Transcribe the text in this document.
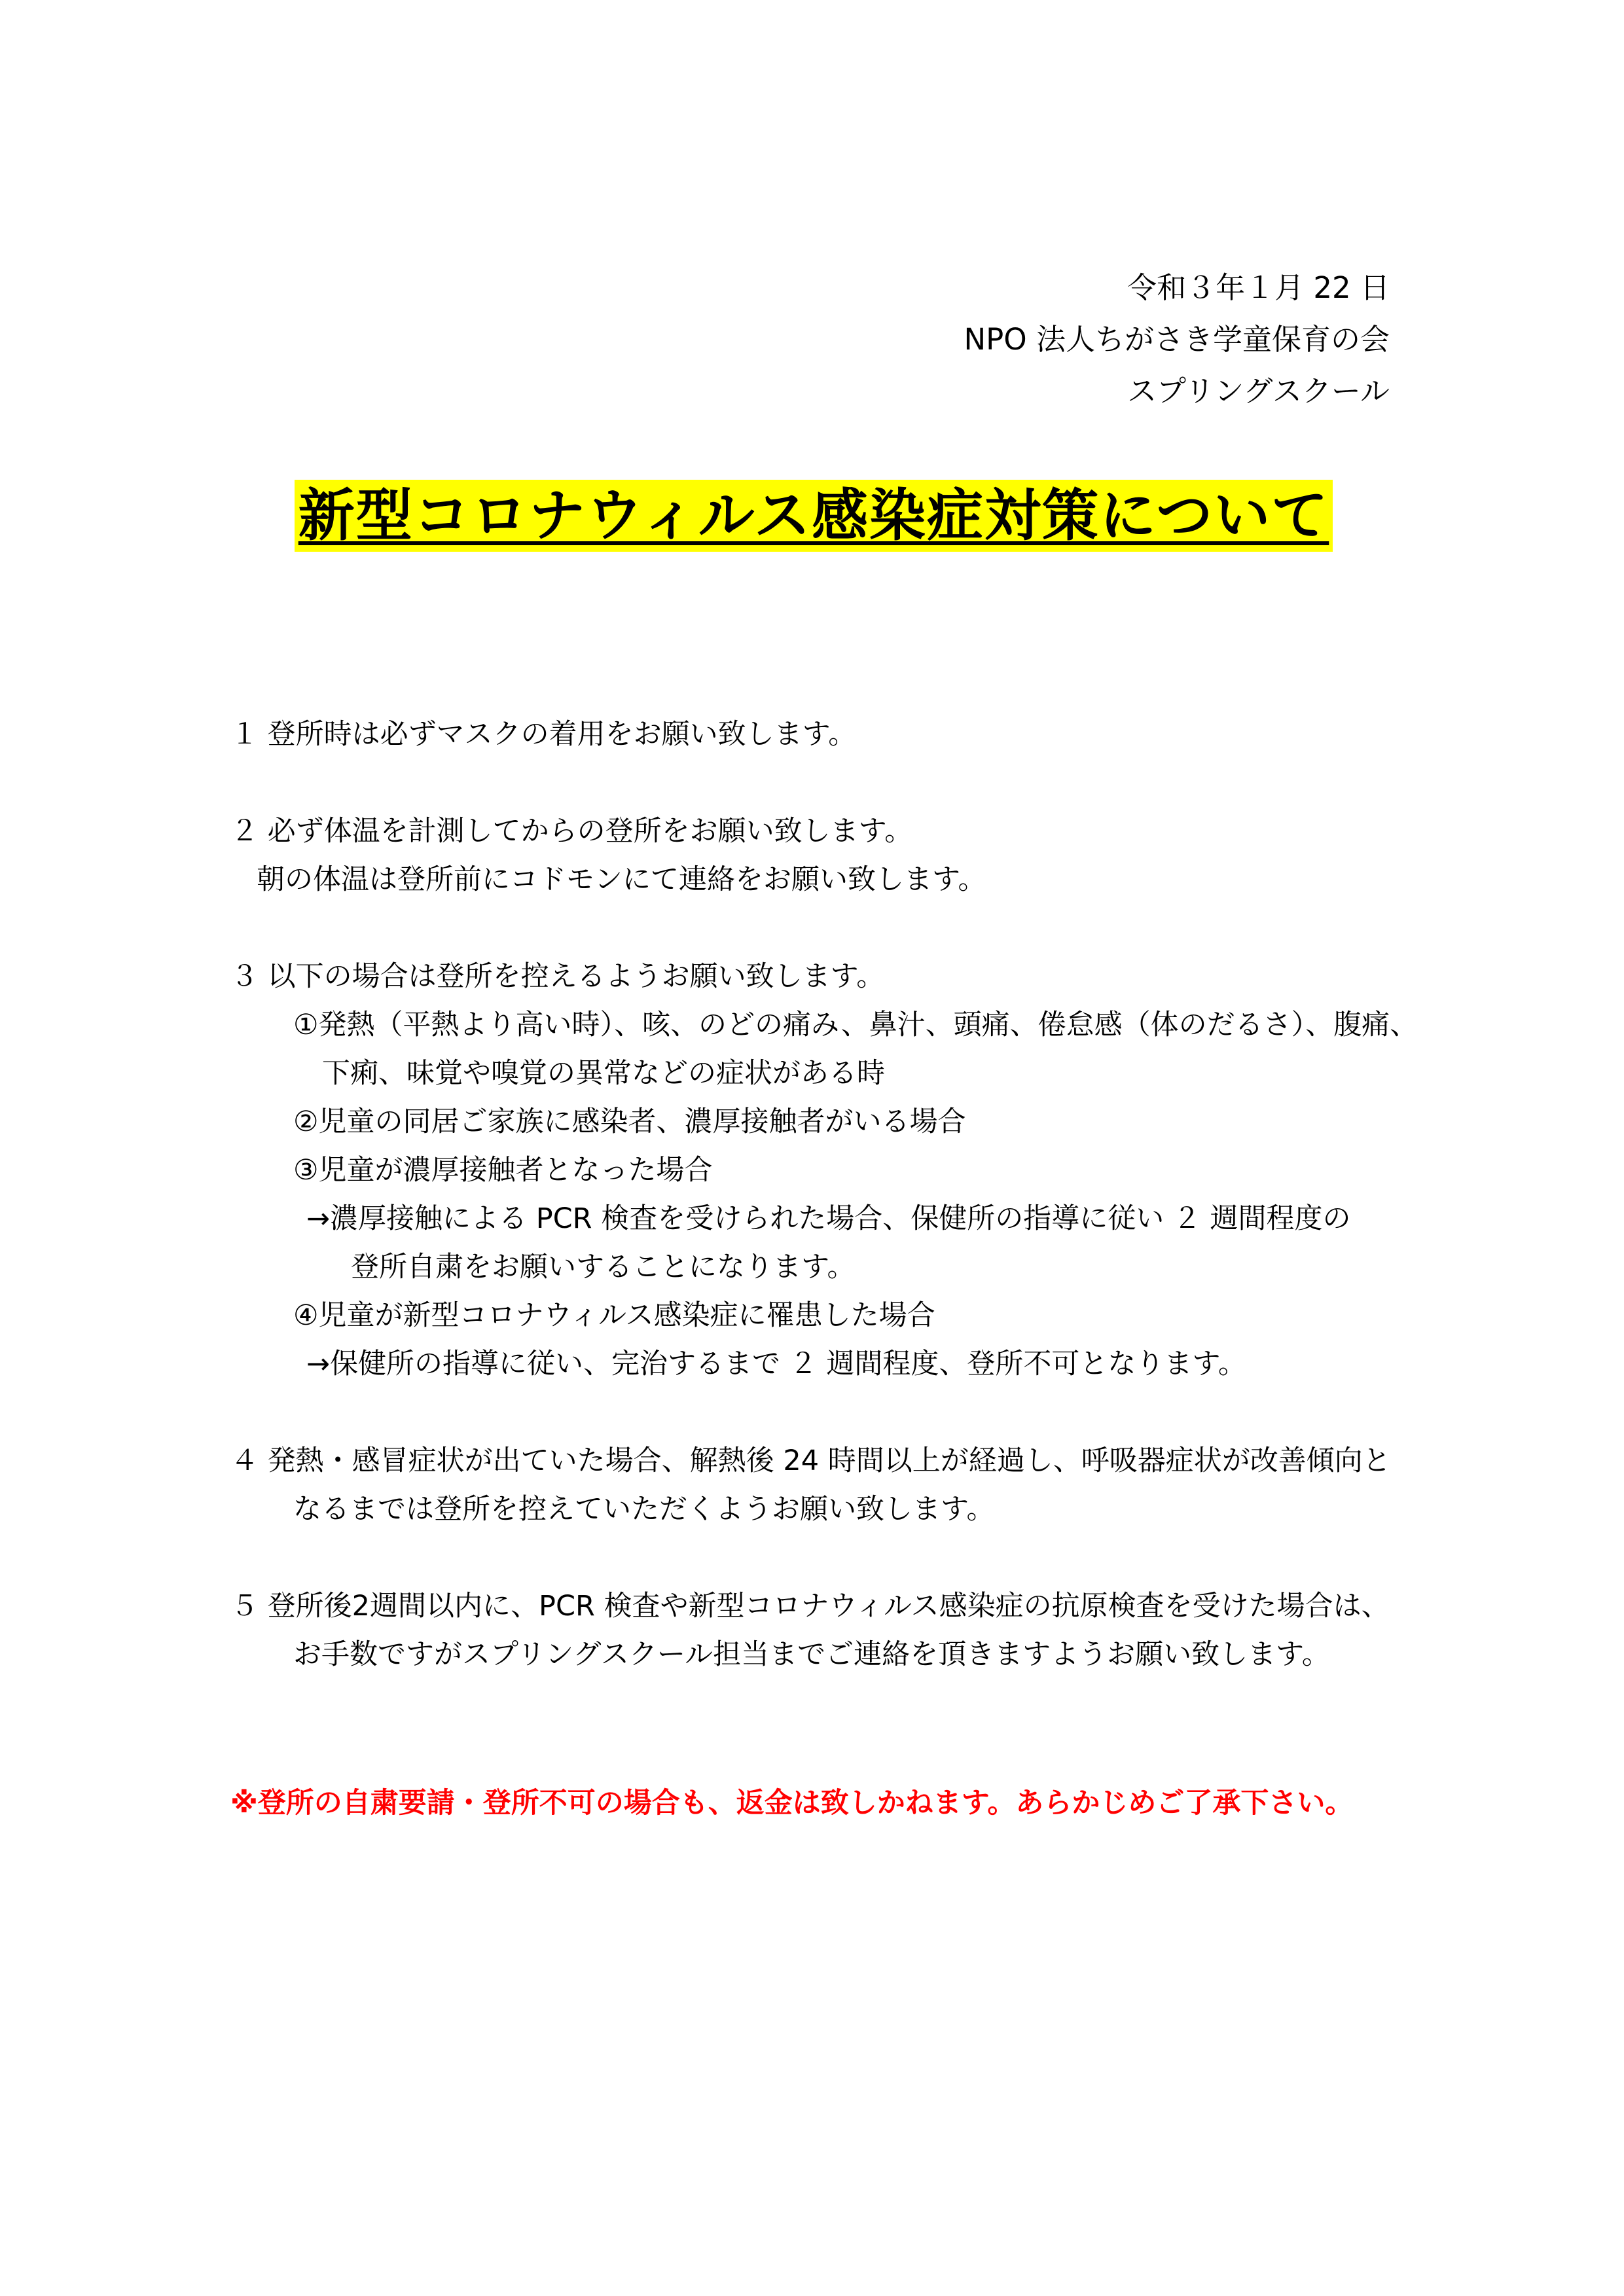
令和３年１月 22 日
NPO 法人ちがさき学童保育の会
スプリングスクール
新型コロナウィルス感染症対策について
１ 登所時は必ずマスクの着用をお願い致します。
２ 必ず体温を計測してからの登所をお願い致します。
朝の体温は登所前にコドモンにて連絡をお願い致します。
３ 以下の場合は登所を控えるようお願い致します。
①発熱（平熱より高い時）、咳、のどの痛み、鼻汁、頭痛、倦怠感（体のだるさ）、腹痛、
下痢、味覚や嗅覚の異常などの症状がある時
②児童の同居ご家族に感染者、濃厚接触者がいる場合
③児童が濃厚接触者となった場合
→濃厚接触による PCR 検査を受けられた場合、保健所の指導に従い ２ 週間程度の
登所自粛をお願いすることになります。
④児童が新型コロナウィルス感染症に罹患した場合
→保健所の指導に従い、完治するまで ２ 週間程度、登所不可となります。
４ 発熱・感冒症状が出ていた場合、解熱後 24 時間以上が経過し、呼吸器症状が改善傾向と
なるまでは登所を控えていただくようお願い致します。
５ 登所後2週間以内に、PCR 検査や新型コロナウィルス感染症の抗原検査を受けた場合は、
お手数ですがスプリングスクール担当までご連絡を頂きますようお願い致します。
※登所の自粛要請・登所不可の場合も、返金は致しかねます。あらかじめご了承下さい。
